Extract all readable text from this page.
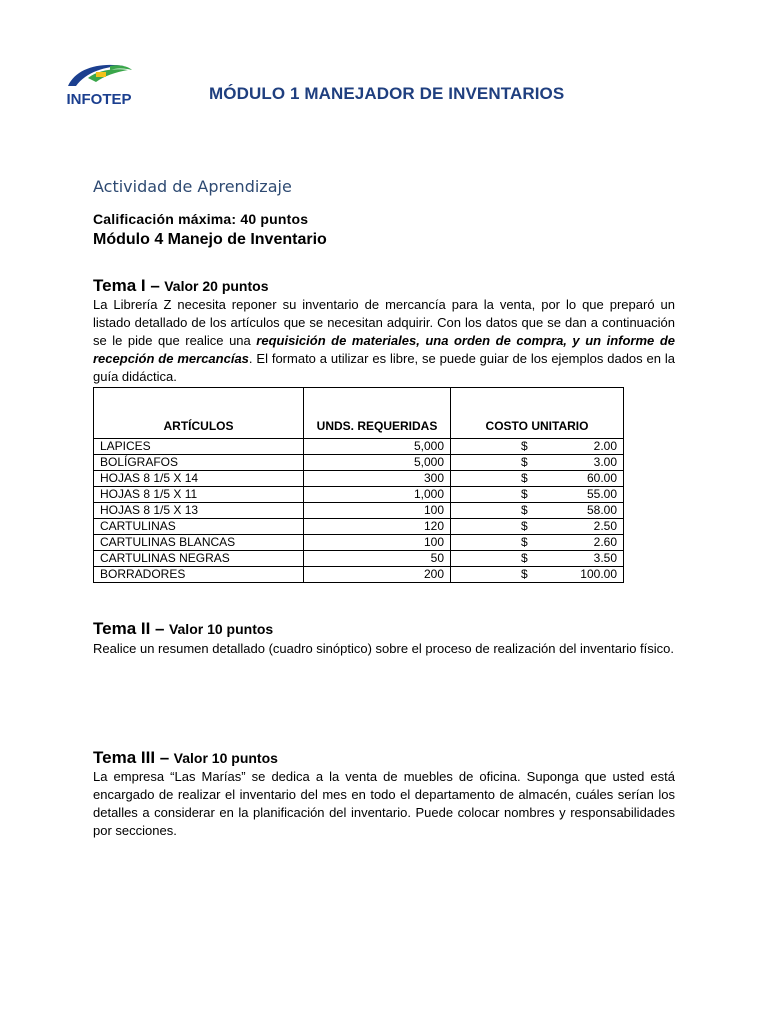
INFOTEP	MÓDULO 1 MANEJADOR DE INVENTARIOS
Actividad de Aprendizaje
Calificación máxima: 40 puntos
Módulo 4 Manejo de Inventario
Tema I – Valor 20 puntos

La Librería Z necesita reponer su inventario de mercancía para la venta, por lo que preparó un listado detallado de los artículos que se necesitan adquirir. Con los datos que se dan a continuación se le pide que realice una requisición de materiales, una orden de compra, y un informe de recepción de mercancías. El formato a utilizar es libre, se puede guiar de los ejemplos dados en la guía didáctica.

ARTÍCULOS	UNDS. REQUERIDAS	COSTO UNITARIO
LAPICES	5,000	$ 2.00

BOLÍGRAFOS	5,000	$ 3.00

HOJAS 8 1/5 X 14	300	$ 60.00

HOJAS 8 1/5 X 11	1,000	$ 55.00

HOJAS 8 1/5 X 13	100	$ 58.00

CARTULINAS	120	$ 2.50

CARTULINAS BLANCAS	100	$ 2.60

CARTULINAS NEGRAS	50	$ 3.50

BORRADORES	200	$ 100.00
Tema II – Valor 10 puntos

Realice un resumen detallado (cuadro sinóptico) sobre el proceso de realización del inventario físico.

Tema III – Valor 10 puntos

La empresa “Las Marías” se dedica a la venta de muebles de oficina. Suponga que usted está encargado de realizar el inventario del mes en todo el departamento de almacén, cuáles serían los detalles a considerar en la planificación del inventario. Puede colocar nombres y responsabilidades por secciones.
